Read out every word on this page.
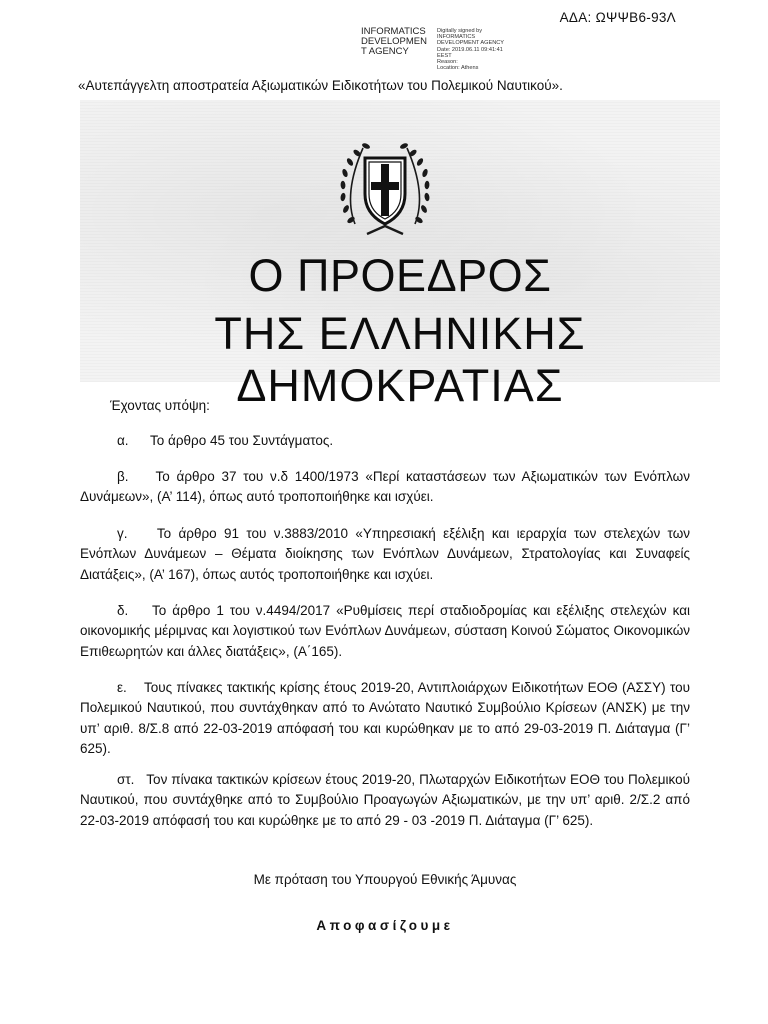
ΑΔΑ: ΩΨΨΒ6-93Λ
INFORMATICS DEVELOPMEN T AGENCY
Digitally signed by
INFORMATICS
DEVELOPMENT AGENCY
Date: 2019.06.11 09:41:41
EEST
Reason:
Location: Athens
«Αυτεπάγγελτη αποστρατεία Αξιωματικών Ειδικοτήτων του Πολεμικού Ναυτικού».
Ο ΠΡΟΕΔΡΟΣ
ΤΗΣ ΕΛΛΗΝΙΚΗΣ ΔΗΜΟΚΡΑΤΙΑΣ
Έχοντας υπόψη:
α. Το άρθρο 45 του Συντάγματος.
β. Το άρθρο 37 του ν.δ 1400/1973 «Περί καταστάσεων των Αξιωματικών των Ενόπλων Δυνάμεων», (Α’ 114), όπως αυτό τροποποιήθηκε και ισχύει.
γ. Το άρθρο 91 του ν.3883/2010 «Υπηρεσιακή εξέλιξη και ιεραρχία των στελεχών των Ενόπλων Δυνάμεων – Θέματα διοίκησης των Ενόπλων Δυνάμεων, Στρατολογίας και Συναφείς Διατάξεις», (Α’ 167), όπως αυτός τροποποιήθηκε και ισχύει.
δ. Το άρθρο 1 του ν.4494/2017 «Ρυθμίσεις περί σταδιοδρομίας και εξέλιξης στελεχών και οικονομικής μέριμνας και λογιστικού των Ενόπλων Δυνάμεων, σύσταση Κοινού Σώματος Οικονομικών Επιθεωρητών και άλλες διατάξεις», (Α΄165).
ε. Τους πίνακες τακτικής κρίσης έτους 2019-20, Αντιπλοιάρχων Ειδικοτήτων ΕΟΘ (ΑΣΣΥ) του Πολεμικού Ναυτικού, που συντάχθηκαν από το Ανώτατο Ναυτικό Συμβούλιο Κρίσεων (ΑΝΣΚ) με την υπ’ αριθ. 8/Σ.8 από 22-03-2019 απόφασή του και κυρώθηκαν με το από 29-03-2019 Π. Διάταγμα (Γ’ 625).
στ. Τον πίνακα τακτικών κρίσεων έτους 2019-20, Πλωταρχών Ειδικοτήτων ΕΟΘ του Πολεμικού Ναυτικού, που συντάχθηκε από το Συμβούλιο Προαγωγών Αξιωματικών, με την υπ’ αριθ. 2/Σ.2 από 22-03-2019 απόφασή του και κυρώθηκε με το από 29 - 03 -2019 Π. Διάταγμα (Γ’ 625).
Με πρόταση του Υπουργού Εθνικής Άμυνας
Αποφασίζουμε
